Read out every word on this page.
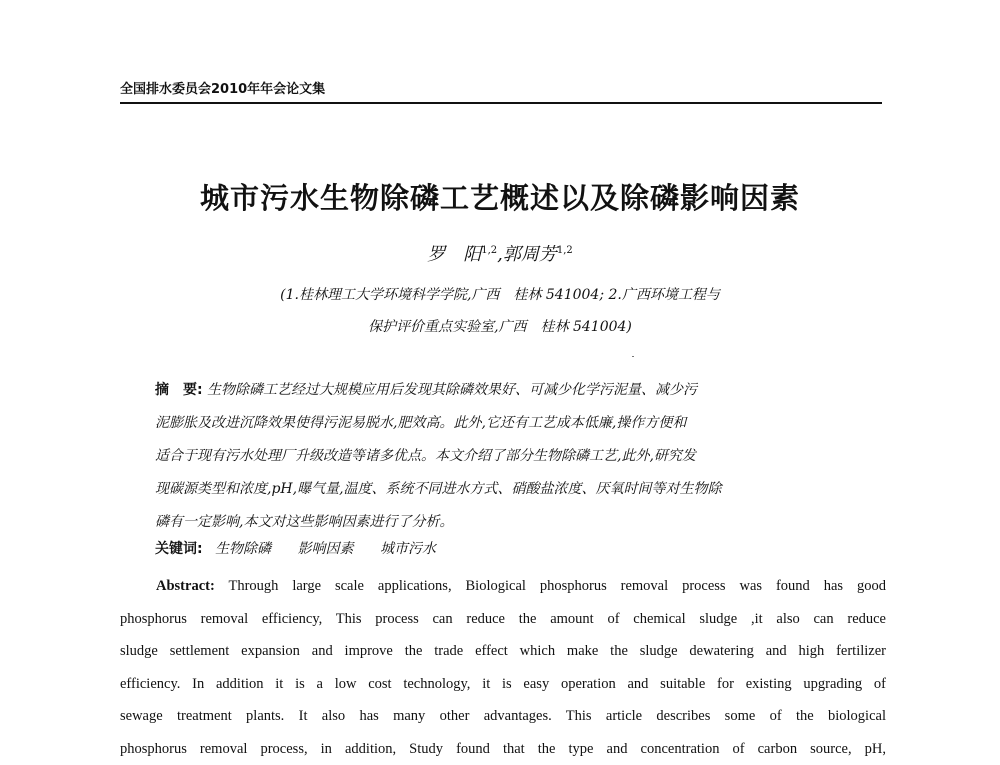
全国排水委员会2010年年会论文集
城市污水生物除磷工艺概述以及除磷影响因素
罗　阳$^{1,2}$,郭周芳$^{1,2}$
(1.桂林理工大学环境科学学院,广西　桂林 541004; 2.广西环境工程与
保护评价重点实验室,广西　桂林 541004)
摘　要: 生物除磷工艺经过大规模应用后发现其除磷效果好、可减少化学污泥量、减少污
泥膨胀及改进沉降效果使得污泥易脱水,肥效高。此外,它还有工艺成本低廉,操作方便和
适合于现有污水处理厂升级改造等诸多优点。本文介绍了部分生物除磷工艺,此外,研究发
现碳源类型和浓度,pH,曝气量,温度、系统不同进水方式、硝酸盐浓度、厌氧时间等对生物除
磷有一定影响,本文对这些影响因素进行了分析。
关键词: 生物除磷 影响因素 城市污水
Abstract: Through large scale applications, Biological phosphorus removal process was found has good
phosphorus removal efficiency, This process can reduce the amount of chemical sludge ,it also can reduce
sludge settlement expansion and improve the trade effect which make the sludge dewatering and high fertilizer
efficiency. In addition it is a low cost technology, it is easy operation and suitable for existing upgrading of
sewage treatment plants. It also has many other advantages. This article describes some of the biological
phosphorus removal process, in addition, Study found that the type and concentration of carbon source, pH,
